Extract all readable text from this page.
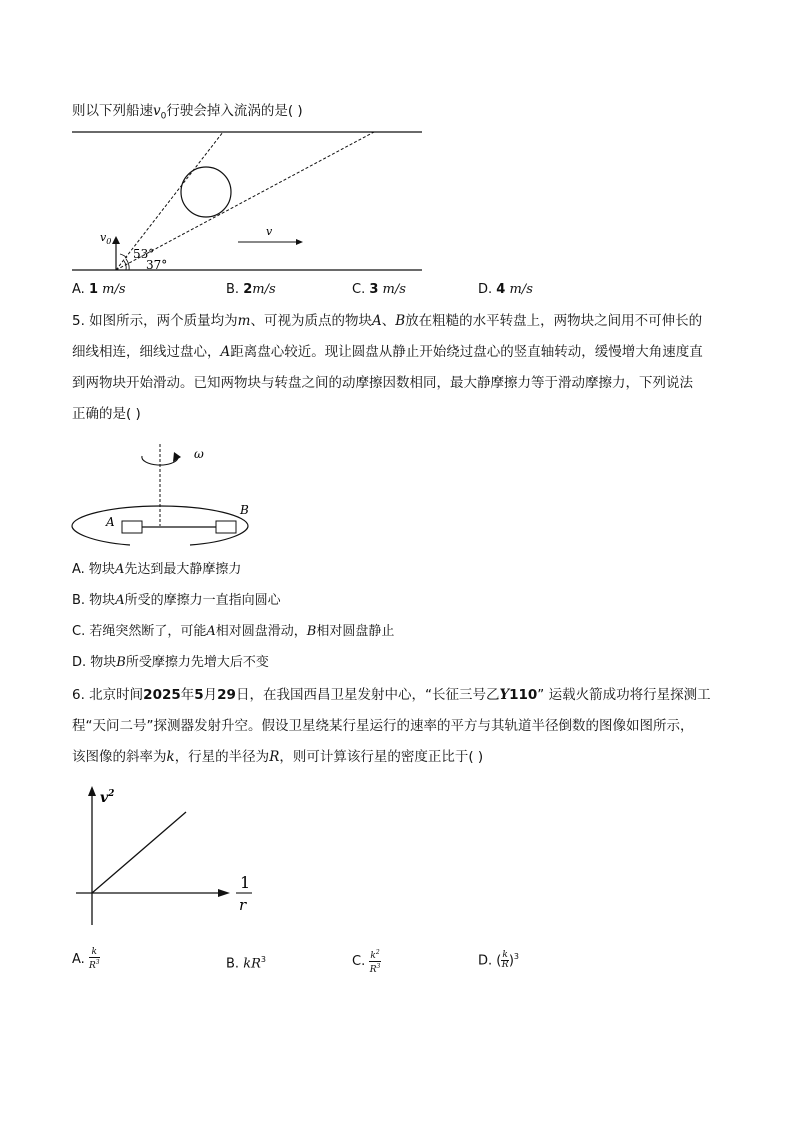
则以下列船速$v_0$行驶会掉入流涡的是( )
$v_0$
53°
37°
v
A. 1 m/s	B. 2m/s	C. 3 m/s	D. 4 m/s
5. 如图所示，两个质量均为m、可视为质点的物块A、B放在粗糙的水平转盘上，两物块之间用不可伸长的
细线相连，细线过盘心，A距离盘心较近。现让圆盘从静止开始绕过盘心的竖直轴转动，缓慢增大角速度直
到两物块开始滑动。已知两物块与转盘之间的动摩擦因数相同，最大静摩擦力等于滑动摩擦力，下列说法
正确的是( )
ω
A
B
A. 物块A先达到最大静摩擦力
B. 物块A所受的摩擦力一直指向圆心
C. 若绳突然断了，可能A相对圆盘滑动，B相对圆盘静止
D. 物块B所受摩擦力先增大后不变
6. 北京时间2025年5月29日，在我国西昌卫星发射中心，“长征三号乙Y110” 运载火箭成功将行星探测工
程“天问二号”探测器发射升空。假设卫星绕某行星运行的速率的平方与其轨道半径倒数的图像如图所示，
该图像的斜率为k，行星的半径为R，则可计算该行星的密度正比于( )
$v^2$
1
r
A. $\frac{k}{R^3}$	B. $kR^3$	C. $\frac{k^2}{R^3}$	D. ( $\frac{k}{R} )^3$
